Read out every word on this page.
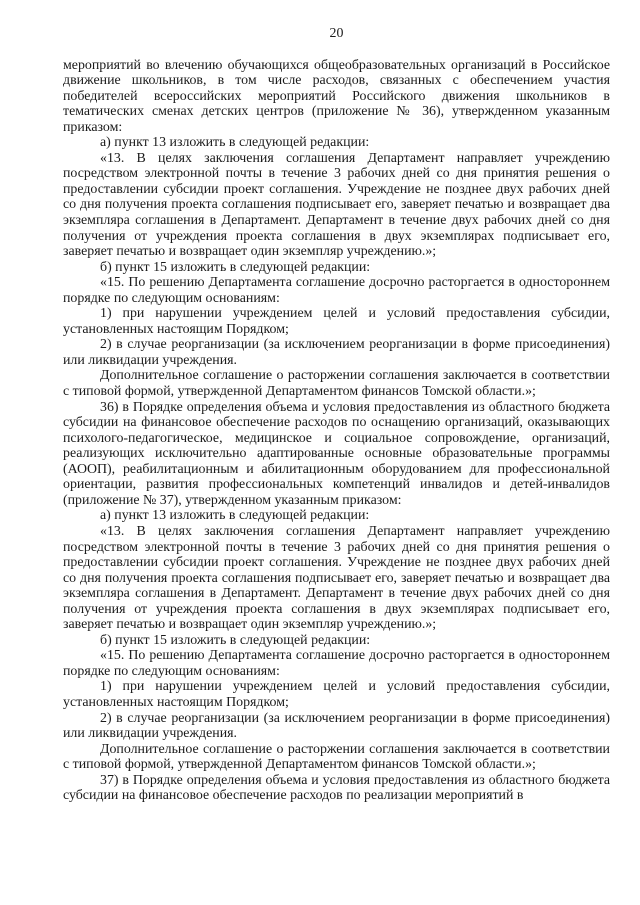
20

мероприятий во влечению обучающихся общеобразовательных организаций в Российское движение школьников, в том числе расходов, связанных с обеспечением участия победителей всероссийских мероприятий Российского движения школьников в тематических сменах детских центров (приложение № 36), утвержденном указанным приказом:

а) пункт 13 изложить в следующей редакции:

«13. В целях заключения соглашения Департамент направляет учреждению посредством электронной почты в течение 3 рабочих дней со дня принятия решения о предоставлении субсидии проект соглашения. Учреждение не позднее двух рабочих дней со дня получения проекта соглашения подписывает его, заверяет печатью и возвращает два экземпляра соглашения в Департамент. Департамент в течение двух рабочих дней со дня получения от учреждения проекта соглашения в двух экземплярах подписывает его, заверяет печатью и возвращает один экземпляр учреждению.»;

б) пункт 15 изложить в следующей редакции:

«15. По решению Департамента соглашение досрочно расторгается в одностороннем порядке по следующим основаниям:

1) при нарушении учреждением целей и условий предоставления субсидии, установленных настоящим Порядком;

2) в случае реорганизации (за исключением реорганизации в форме присоединения) или ликвидации учреждения.

Дополнительное соглашение о расторжении соглашения заключается в соответствии с типовой формой, утвержденной Департаментом финансов Томской области.»;

36) в Порядке определения объема и условия предоставления из областного бюджета субсидии на финансовое обеспечение расходов по оснащению организаций, оказывающих психолого-педагогическое, медицинское и социальное сопровождение, организаций, реализующих исключительно адаптированные основные образовательные программы (АООП), реабилитационным и абилитационным оборудованием для профессиональной ориентации, развития профессиональных компетенций инвалидов и детей-инвалидов (приложение № 37), утвержденном указанным приказом:

а) пункт 13 изложить в следующей редакции:

«13. В целях заключения соглашения Департамент направляет учреждению посредством электронной почты в течение 3 рабочих дней со дня принятия решения о предоставлении субсидии проект соглашения. Учреждение не позднее двух рабочих дней со дня получения проекта соглашения подписывает его, заверяет печатью и возвращает два экземпляра соглашения в Департамент. Департамент в течение двух рабочих дней со дня получения от учреждения проекта соглашения в двух экземплярах подписывает его, заверяет печатью и возвращает один экземпляр учреждению.»;

б) пункт 15 изложить в следующей редакции:

«15. По решению Департамента соглашение досрочно расторгается в одностороннем порядке по следующим основаниям:

1) при нарушении учреждением целей и условий предоставления субсидии, установленных настоящим Порядком;

2) в случае реорганизации (за исключением реорганизации в форме присоединения) или ликвидации учреждения.

Дополнительное соглашение о расторжении соглашения заключается в соответствии с типовой формой, утвержденной Департаментом финансов Томской области.»;

37) в Порядке определения объема и условия предоставления из областного бюджета субсидии на финансовое обеспечение расходов по реализации мероприятий в
